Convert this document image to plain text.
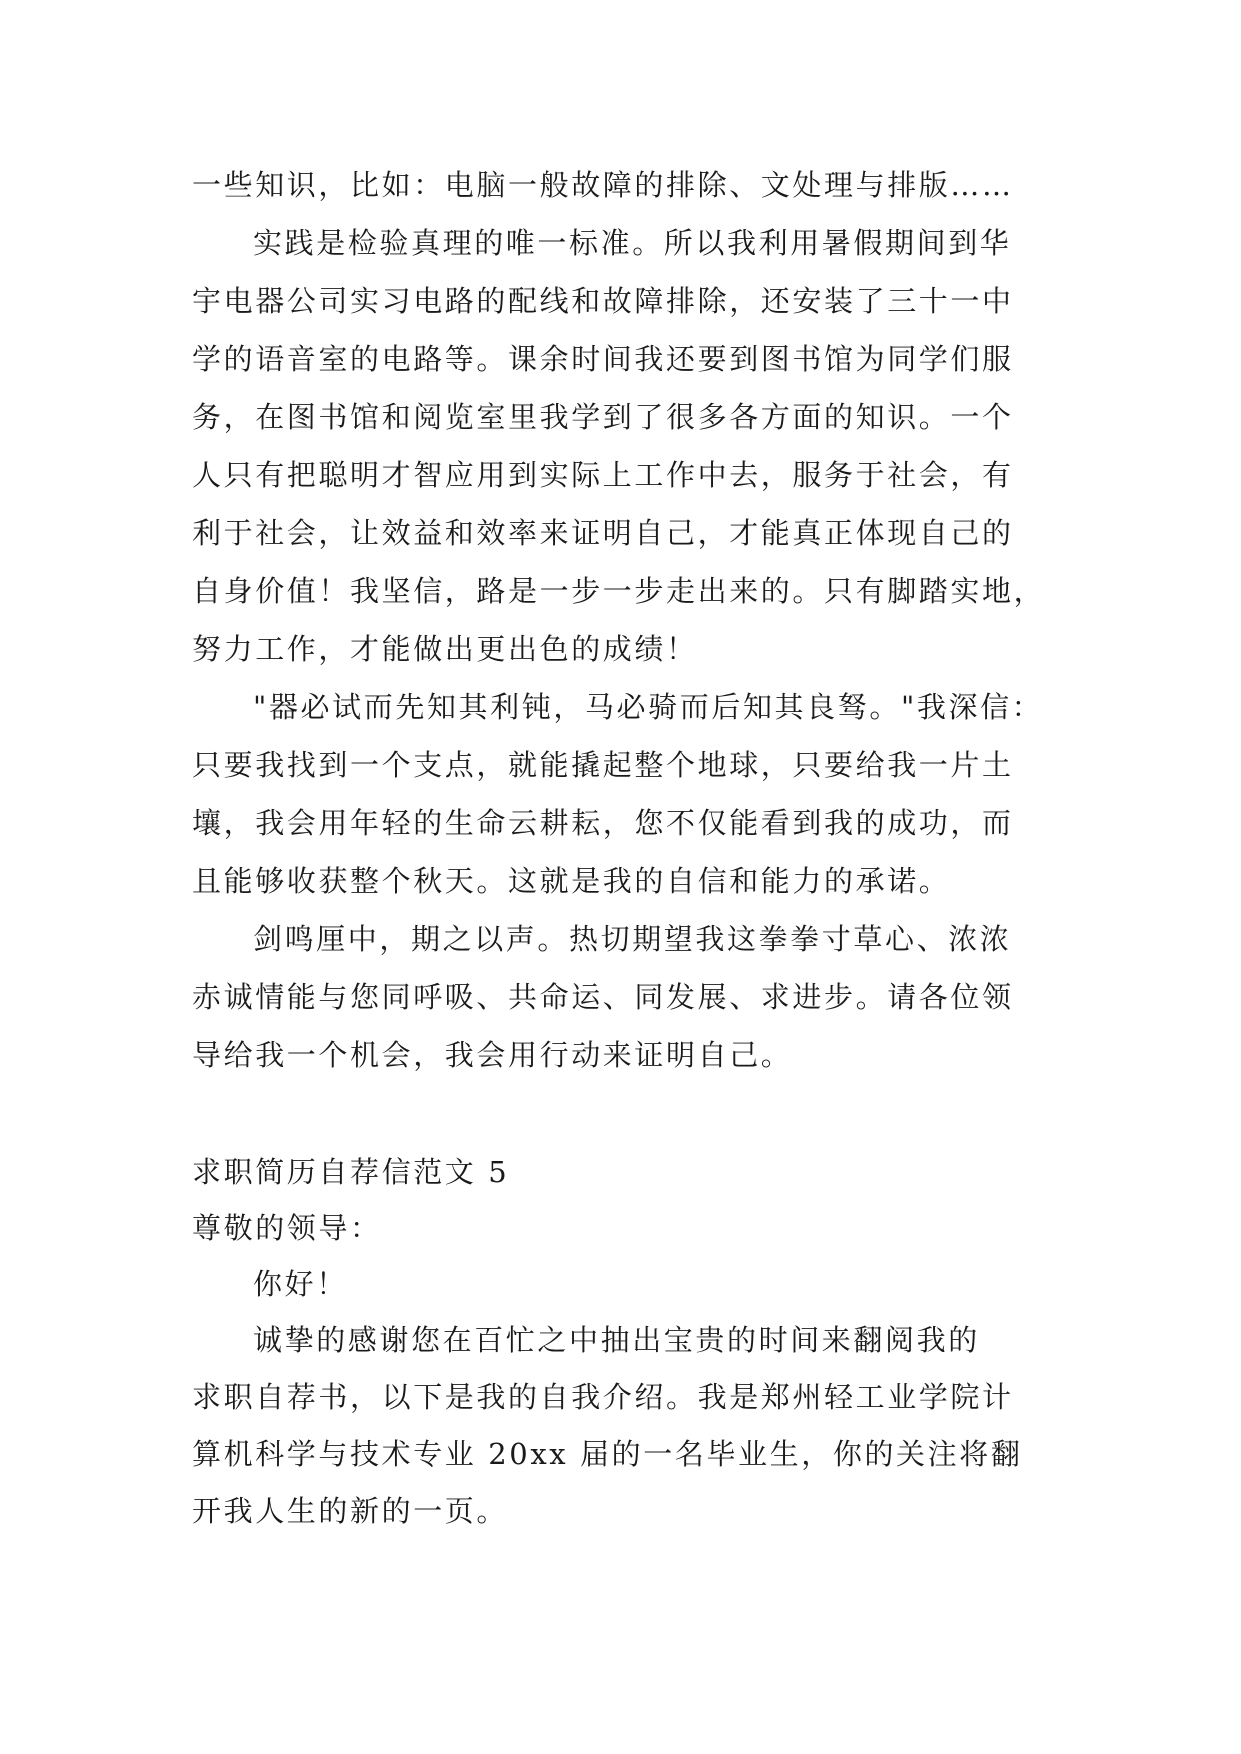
一些知识，比如：电脑一般故障的排除、文处理与排版……
实践是检验真理的唯一标准。所以我利用暑假期间到华
宇电器公司实习电路的配线和故障排除，还安装了三十一中
学的语音室的电路等。课余时间我还要到图书馆为同学们服
务，在图书馆和阅览室里我学到了很多各方面的知识。一个
人只有把聪明才智应用到实际上工作中去，服务于社会，有
利于社会，让效益和效率来证明自己，才能真正体现自己的
自身价值！我坚信，路是一步一步走出来的。只有脚踏实地，
努力工作，才能做出更出色的成绩！
"器必试而先知其利钝，马必骑而后知其良驽。"我深信：
只要我找到一个支点，就能撬起整个地球，只要给我一片土
壤，我会用年轻的生命云耕耘，您不仅能看到我的成功，而
且能够收获整个秋天。这就是我的自信和能力的承诺。
剑鸣厘中，期之以声。热切期望我这拳拳寸草心、浓浓
赤诚情能与您同呼吸、共命运、同发展、求进步。请各位领
导给我一个机会，我会用行动来证明自己。
求职简历自荐信范文 5
尊敬的领导：
你好！
诚挚的感谢您在百忙之中抽出宝贵的时间来翻阅我的
求职自荐书，以下是我的自我介绍。我是郑州轻工业学院计
算机科学与技术专业 20xx 届的一名毕业生，你的关注将翻
开我人生的新的一页。
